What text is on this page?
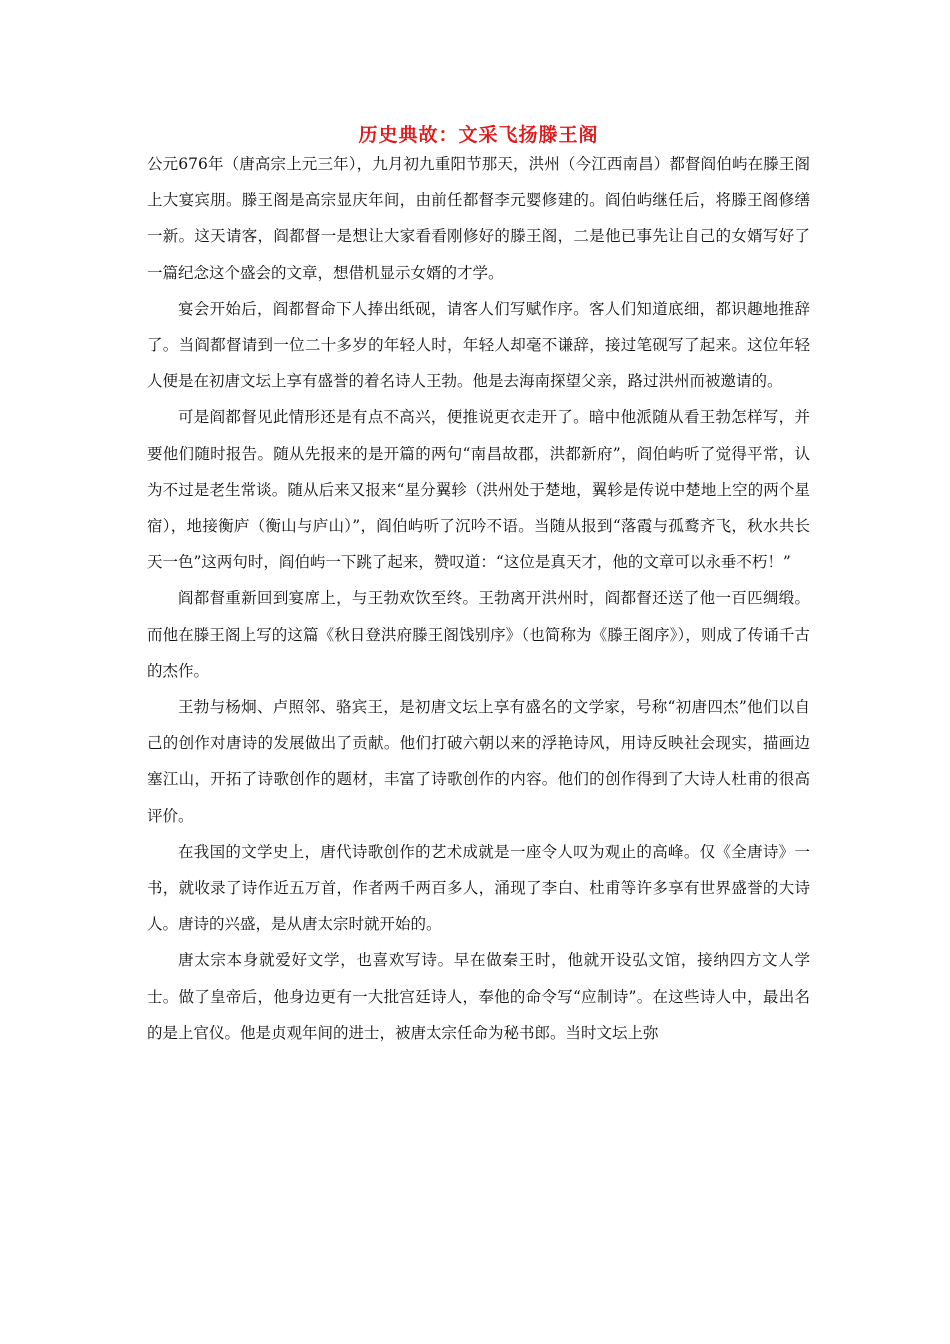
历史典故：文采飞扬滕王阁

公元676年（唐高宗上元三年），九月初九重阳节那天，洪州（今江西南昌）都督阎伯屿在滕王阁上大宴宾朋。滕王阁是高宗显庆年间，由前任都督李元婴修建的。阎伯屿继任后，将滕王阁修缮一新。这天请客，阎都督一是想让大家看看刚修好的滕王阁，二是他已事先让自己的女婿写好了一篇纪念这个盛会的文章，想借机显示女婿的才学。

宴会开始后，阎都督命下人捧出纸砚，请客人们写赋作序。客人们知道底细，都识趣地推辞了。当阎都督请到一位二十多岁的年轻人时，年轻人却毫不谦辞，接过笔砚写了起来。这位年轻人便是在初唐文坛上享有盛誉的着名诗人王勃。他是去海南探望父亲，路过洪州而被邀请的。

可是阎都督见此情形还是有点不高兴，便推说更衣走开了。暗中他派随从看王勃怎样写，并要他们随时报告。随从先报来的是开篇的两句“南昌故郡，洪都新府”，阎伯屿听了觉得平常，认为不过是老生常谈。随从后来又报来“星分翼轸（洪州处于楚地，翼轸是传说中楚地上空的两个星宿），地接衡庐（衡山与庐山）”，阎伯屿听了沉吟不语。当随从报到“落霞与孤鹜齐飞，秋水共长天一色”这两句时，阎伯屿一下跳了起来，赞叹道：“这位是真天才，他的文章可以永垂不朽！”

阎都督重新回到宴席上，与王勃欢饮至终。王勃离开洪州时，阎都督还送了他一百匹绸缎。而他在滕王阁上写的这篇《秋日登洪府滕王阁饯别序》（也简称为《滕王阁序》），则成了传诵千古的杰作。

王勃与杨炯、卢照邻、骆宾王，是初唐文坛上享有盛名的文学家，号称“初唐四杰”他们以自己的创作对唐诗的发展做出了贡献。他们打破六朝以来的浮艳诗风，用诗反映社会现实，描画边塞江山，开拓了诗歌创作的题材，丰富了诗歌创作的内容。他们的创作得到了大诗人杜甫的很高评价。

在我国的文学史上，唐代诗歌创作的艺术成就是一座令人叹为观止的高峰。仅《全唐诗》一书，就收录了诗作近五万首，作者两千两百多人，涌现了李白、杜甫等许多享有世界盛誉的大诗人。唐诗的兴盛，是从唐太宗时就开始的。

唐太宗本身就爱好文学，也喜欢写诗。早在做秦王时，他就开设弘文馆，接纳四方文人学士。做了皇帝后，他身边更有一大批宫廷诗人，奉他的命令写“应制诗”。在这些诗人中，最出名的是上官仪。他是贞观年间的进士，被唐太宗任命为秘书郎。当时文坛上弥
